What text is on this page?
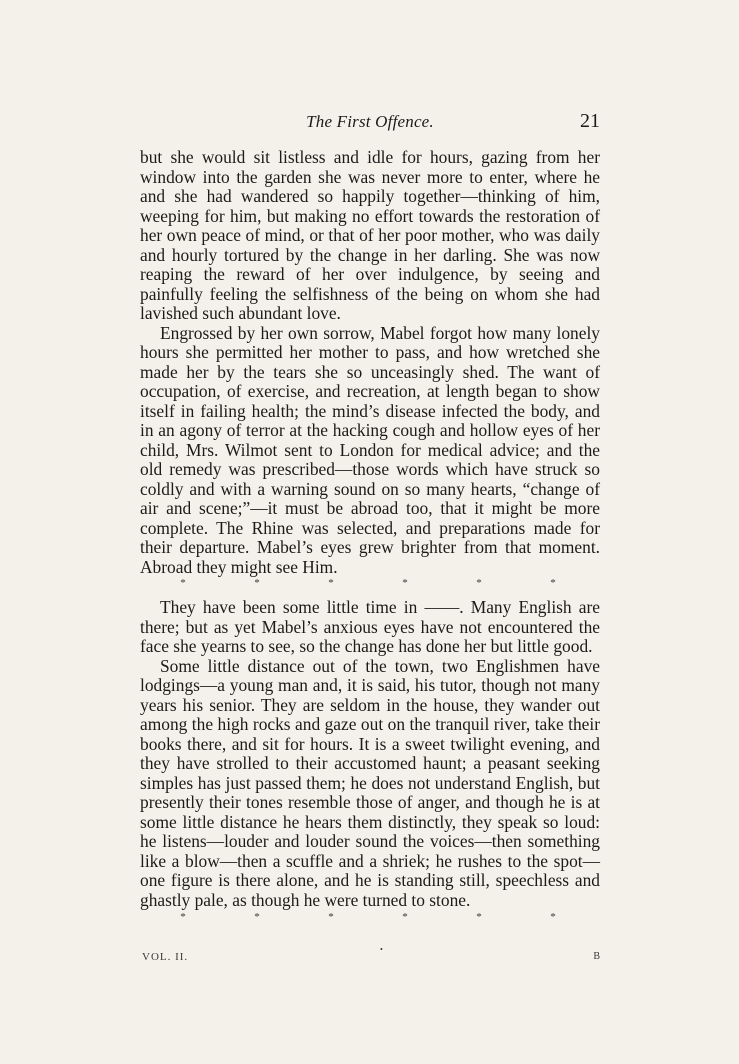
The First Offence.	21

but she would sit listless and idle for hours, gazing from her window into the garden she was never more to enter, where he and she had wandered so happily together—thinking of him, weeping for him, but making no effort towards the restoration of her own peace of mind, or that of her poor mother, who was daily and hourly tortured by the change in her darling. She was now reaping the reward of her over indulgence, by seeing and painfully feeling the selfishness of the being on whom she had lavished such abundant love.

Engrossed by her own sorrow, Mabel forgot how many lonely hours she permitted her mother to pass, and how wretched she made her by the tears she so unceasingly shed. The want of occupation, of exercise, and recreation, at length began to show itself in failing health; the mind’s disease infected the body, and in an agony of terror at the hacking cough and hollow eyes of her child, Mrs. Wilmot sent to London for medical advice; and the old remedy was prescribed—those words which have struck so coldly and with a warning sound on so many hearts, “change of air and scene;”—it must be abroad too, that it might be more complete. The Rhine was selected, and preparations made for their departure. Mabel’s eyes grew brighter from that moment. Abroad they might see Him.

*	*	*	*	*	*

They have been some little time in ——. Many English are there; but as yet Mabel’s anxious eyes have not encountered the face she yearns to see, so the change has done her but little good.

Some little distance out of the town, two Englishmen have lodgings—a young man and, it is said, his tutor, though not many years his senior. They are seldom in the house, they wander out among the high rocks and gaze out on the tranquil river, take their books there, and sit for hours. It is a sweet twilight evening, and they have strolled to their accustomed haunt; a peasant seeking simples has just passed them; he does not understand English, but presently their tones resemble those of anger, and though he is at some little distance he hears them distinctly, they speak so loud: he listens—louder and louder sound the voices—then something like a blow—then a scuffle and a shriek; he rushes to the spot—one figure is there alone, and he is standing still, speechless and ghastly pale, as though he were turned to stone.

*	*	*	*	*	*
VOL. II.
•
B
